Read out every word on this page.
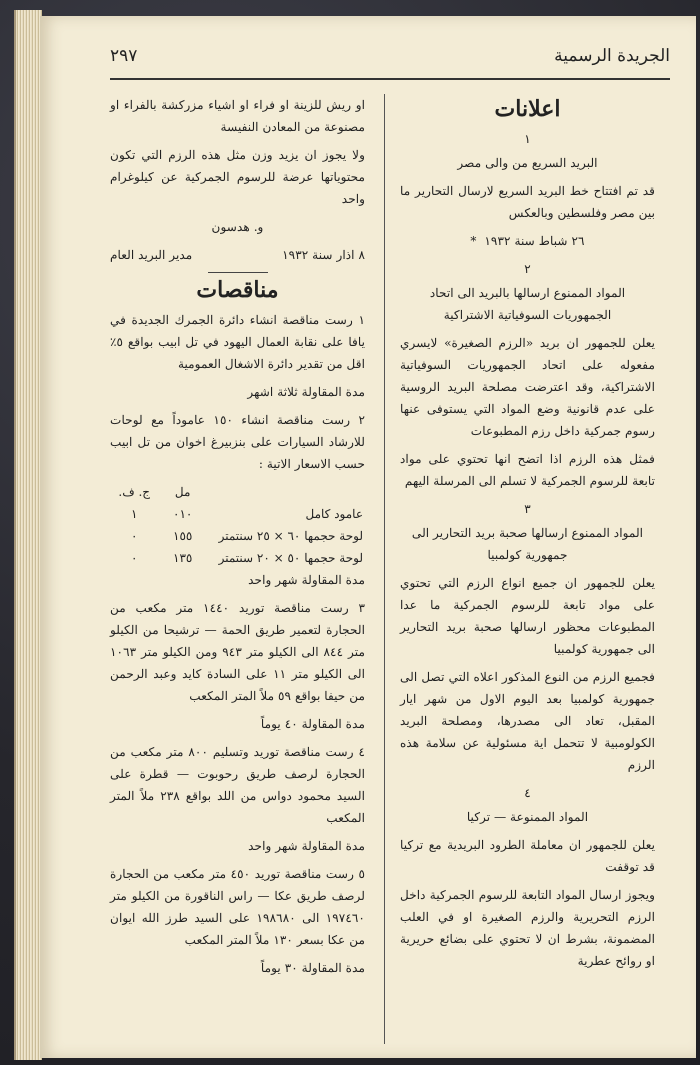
الجريدة الرسمية
٢٩٧
اعلانات
١

البريد السريع من والى مصر

قد تم افتتاح خط البريد السريع لارسال التحارير ما بين مصر وفلسطين وبالعكس

٢٦ شباط سنة ١٩٣٢*

٢

المواد الممنوع ارسالها بالبريد الى اتحاد الجمهوريات السوفياتية الاشتراكية

يعلن للجمهور ان بريد «الرزم الصغيرة» لايسري مفعوله على اتحاد الجمهوريات السوفياتية الاشتراكية، وقد اعترضت مصلحة البريد الروسية على عدم قانونية وضع المواد التي يستوفى عنها رسوم جمركية داخل رزم المطبوعات

فمثل هذه الرزم اذا اتضح انها تحتوي على مواد تابعة للرسوم الجمركية لا تسلم الى المرسلة اليهم

٣

المواد الممنوع ارسالها صحبة بريد التحارير الى جمهورية كولمبيا

يعلن للجمهور ان جميع انواع الرزم التي تحتوي على مواد تابعة للرسوم الجمركية ما عدا المطبوعات محظور ارسالها صحبة بريد التحارير الى جمهورية كولمبيا

فجميع الرزم من النوع المذكور اعلاه التي تصل الى جمهورية كولمبيا بعد اليوم الاول من شهر ايار المقبل، تعاد الى مصدرها، ومصلحة البريد الكولومبية لا تتحمل اية مسئولية عن سلامة هذه الرزم

٤

المواد الممنوعة — تركيا

يعلن للجمهور ان معاملة الطرود البريدية مع تركيا قد توقفت

ويجوز ارسال المواد التابعة للرسوم الجمركية داخل الرزم التحريرية والرزم الصغيرة او في العلب المضمونة، بشرط ان لا تحتوي على بضائع حريرية او روائح عطرية

او ريش للزينة او فراء او اشياء مزركشة بالفراء او مصنوعة من المعادن النفيسة

ولا يجوز ان يزيد وزن مثل هذه الرزم التي تكون محتوياتها عرضة للرسوم الجمركية عن كيلوغرام واحد

و. هدسون

٨ اذار سنة ١٩٣٢
مدير البريد العام
مناقصات

١ رست مناقصة انشاء دائرة الجمرك الجديدة في يافا على نقابة العمال اليهود في تل ابيب بواقع ٥٪ اقل من تقدير دائرة الاشغال العمومية

مدة المقاولة ثلاثة اشهر

٢ رست مناقصة انشاء ١٥٠ عاموداً مع لوحات للارشاد السيارات على بنزبيرغ اخوان من تل ابيب حسب الاسعار الاتية :

	مل	ج. ف.
عامود كامل	٠١٠	١
لوحة حجمها ٦٠ × ٢٥ سنتمتر	١٥٥	٠
لوحة حجمها ٥٠ × ٢٠ سنتمتر	١٣٥	٠

مدة المقاولة شهر واحد

٣ رست مناقصة توريد ١٤٤٠ متر مكعب من الحجارة لتعمير طريق الحمة — ترشيحا من الكيلو متر ٨٤٤ الى الكيلو متر ٩٤٣ ومن الكيلو متر ١٠٦٣ الى الكيلو متر ١١ على السادة كايد وعبد الرحمن من حيفا بواقع ٥٩ ملاً المتر المكعب

مدة المقاولة ٤٠ يوماً

٤ رست مناقصة توريد وتسليم ٨٠٠ متر مكعب من الحجارة لرصف طريق رحوبوت — قطرة على السيد محمود دواس من اللد بواقع ٢٣٨ ملاً المتر المكعب

مدة المقاولة شهر واحد

٥ رست مناقصة توريد ٤٥٠ متر مكعب من الحجارة لرصف طريق عكا — راس الناقورة من الكيلو متر ١٩٧٤٦٠ الى ١٩٨٦٨٠ على السيد طرز الله ايوان من عكا بسعر ١٣٠ ملاً المتر المكعب

مدة المقاولة ٣٠ يوماً
